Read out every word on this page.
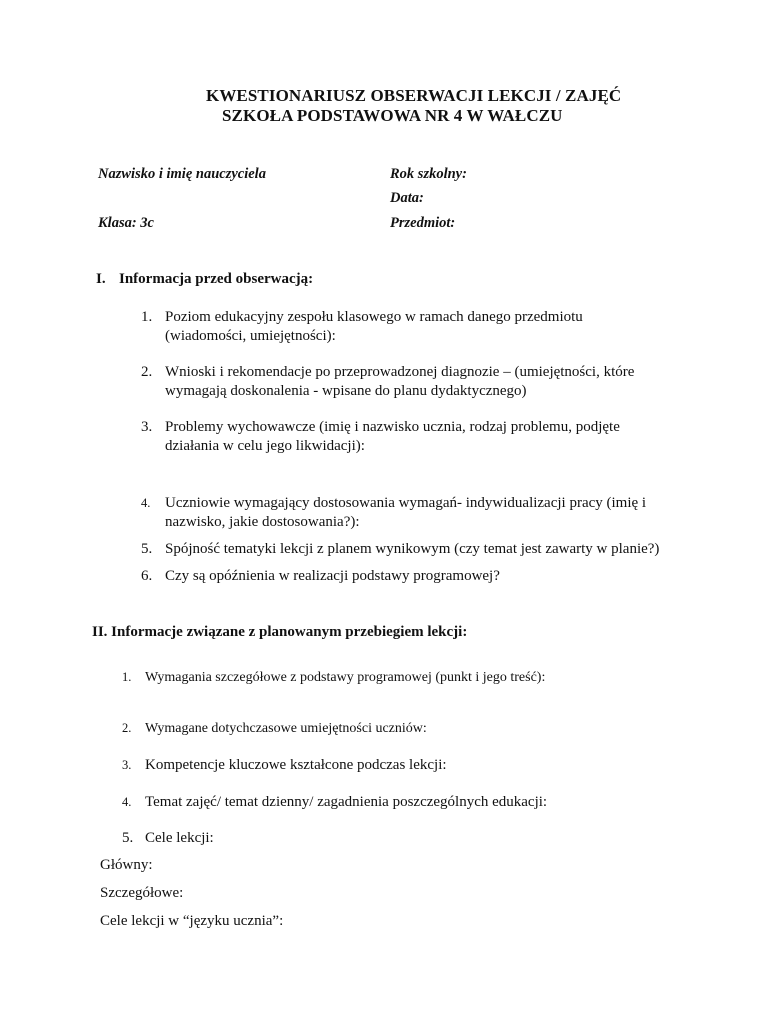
KWESTIONARIUSZ OBSERWACJI LEKCJI / ZAJĘĆ
SZKOŁA PODSTAWOWA NR 4 W WAŁCZU
Nazwisko i imię nauczyciela
Klasa: 3c
Rok szkolny:
Data:
Przedmiot:
I. Informacja przed obserwacją:
1. Poziom edukacyjny zespołu klasowego w ramach danego przedmiotu
(wiadomości, umiejętności):
2. Wnioski i rekomendacje po przeprowadzonej diagnozie – (umiejętności, które
wymagają doskonalenia - wpisane do planu dydaktycznego)
3. Problemy wychowawcze (imię i nazwisko ucznia, rodzaj problemu, podjęte
działania w celu jego likwidacji):
4. Uczniowie wymagający dostosowania wymagań- indywidualizacji pracy (imię i
nazwisko, jakie dostosowania?):
5. Spójność tematyki lekcji z planem wynikowym (czy temat jest zawarty w planie?)
6. Czy są opóźnienia w realizacji podstawy programowej?
II. Informacje związane z planowanym przebiegiem lekcji:
1. Wymagania szczegółowe z podstawy programowej (punkt i jego treść):
2. Wymagane dotychczasowe umiejętności uczniów:
3. Kompetencje kluczowe kształcone podczas lekcji:
4. Temat zajęć/ temat dzienny/ zagadnienia poszczególnych edukacji:
5. Cele lekcji:
Główny:
Szczegółowe:
Cele lekcji w “języku ucznia”:
